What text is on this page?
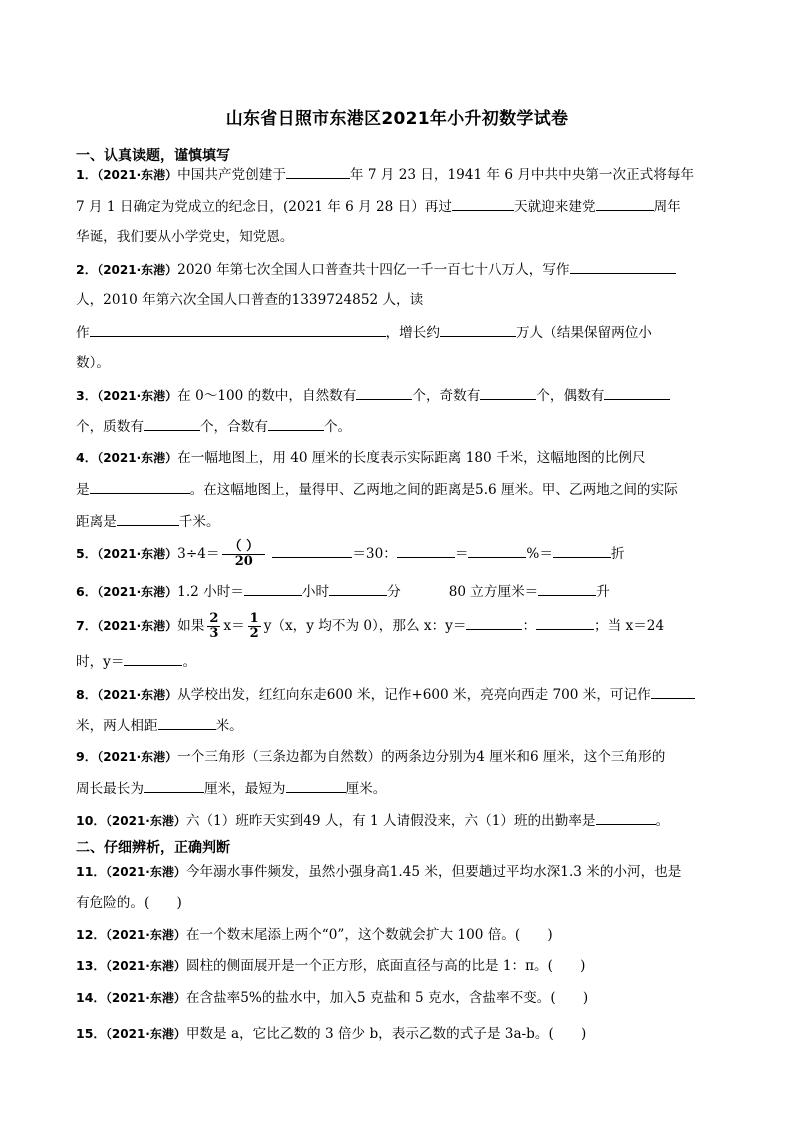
山东省日照市东港区2021年小升初数学试卷
一、认真读题，谨慎填写
1．（2021·东港）中国共产党创建于	年 7 月 23 日，1941 年 6 月中共中央第一次正式将每年
7 月 1 日确定为党成立的纪念日，(2021 年 6 月 28 日）再过	天就迎来建党	周年
华诞，我们要从小学党史，知党恩。
2．（2021·东港）2020 年第七次全国人口普查共十四亿一千一百七十八万人，写作
人，2010 年第六次全国人口普查的1339724852 人，读
作	，增长约	万人（结果保留两位小
数）。
3．（2021·东港）在 0～100 的数中，自然数有	个，奇数有	个，偶数有
个，质数有	个，合数有	个。
4．（2021·东港）在一幅地图上，用 40 厘米的长度表示实际距离 180 千米，这幅地图的比例尺
是	。在这幅地图上，量得甲、乙两地之间的距离是5.6 厘米。甲、乙两地之间的实际
距离是	千米。
5．（2021·东港）$3\div 4= \frac{( )}{20}$	＝30：	＝	%＝	折
6．（2021·东港）1.2 小时＝	小时	分	80 立方厘米＝	升
7．（2021·东港）如果 $\frac{2}{3} x= \frac{1}{2} y(x$，y 均不为 0），那么 x：y＝	：	；当 x＝24
时，y＝	。
8．（2021·东港）从学校出发，红红向东走600 米，记作+600 米，亮亮向西走 700 米，可记作
米，两人相距	米。
9．（2021·东港）一个三角形（三条边都为自然数）的两条边分别为4 厘米和6 厘米，这个三角形的
周长最长为	厘米，最短为	厘米。
10．（2021·东港）六（1）班昨天实到49 人，有 1 人请假没来，六（1）班的出勤率是	。
二、仔细辨析，正确判断
11．（2021·东港）今年溺水事件频发，虽然小强身高1.45 米，但要趟过平均水深1.3 米的小河，也是
有危险的。(　　)
12．（2021·东港）在一个数末尾添上两个“0”，这个数就会扩大 100 倍。(　　)
13．（2021·东港）圆柱的侧面展开是一个正方形，底面直径与高的比是 1：π。(　　)
14．（2021·东港）在含盐率5%的盐水中，加入5 克盐和 5 克水，含盐率不变。(　　)
15．（2021·东港）甲数是 a，它比乙数的 3 倍少 b，表示乙数的式子是 3a-b。(　　)
